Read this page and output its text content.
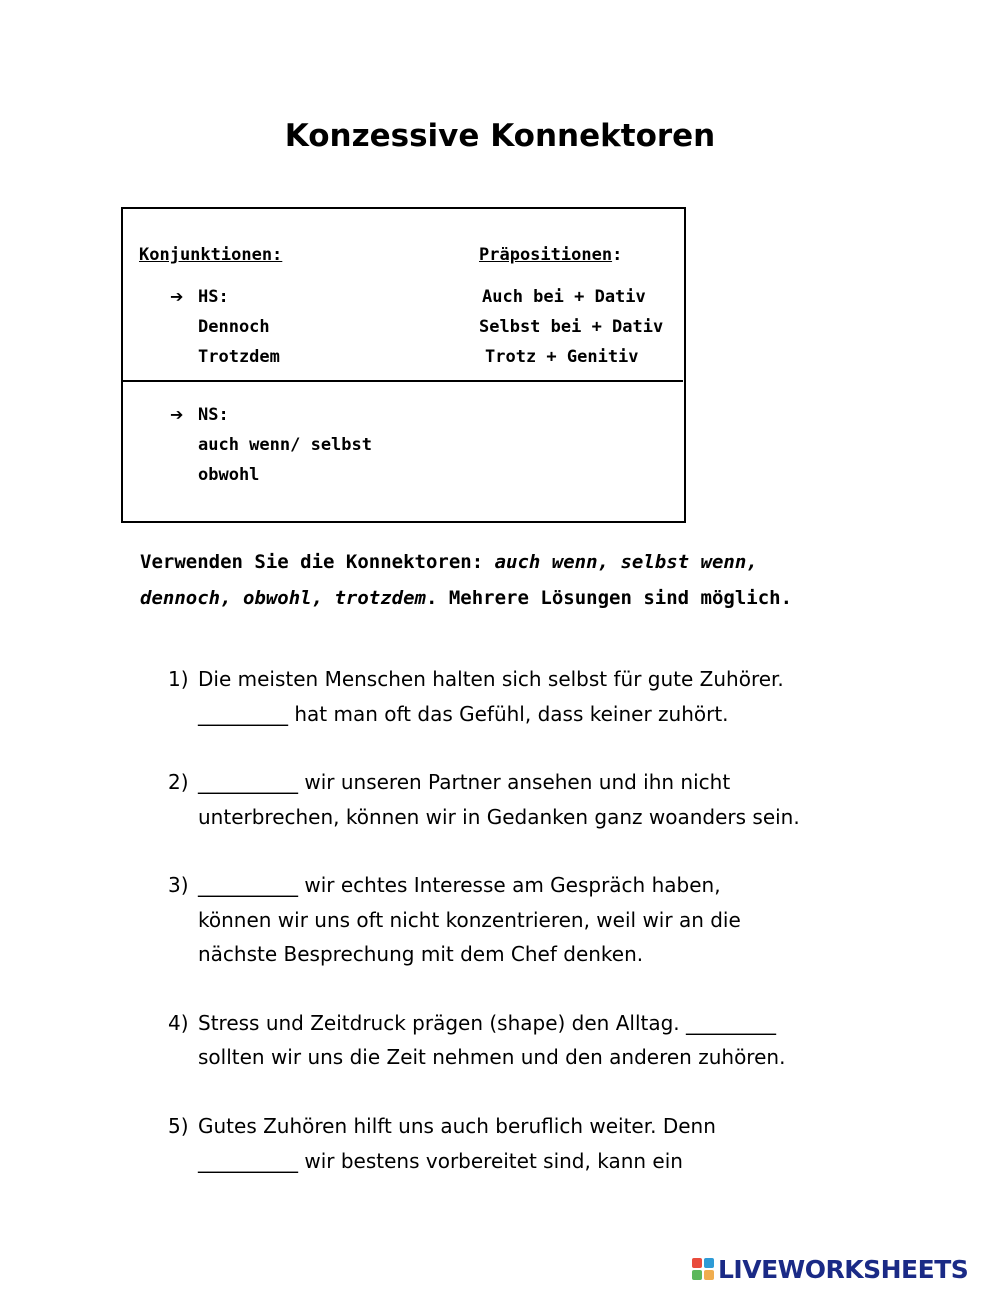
Konzessive Konnektoren
Konjunktionen:	Präpositionen:
➔ HS:
Dennoch
Trotzdem
Auch bei + Dativ
Selbst bei + Dativ
Trotz + Genitiv
➔ NS:
auch wenn/ selbst
obwohl
Verwenden Sie die Konnektoren: auch wenn, selbst wenn,
dennoch, obwohl, trotzdem. Mehrere Lösungen sind möglich.
1) Die meisten Menschen halten sich selbst für gute Zuhörer.
_________ hat man oft das Gefühl, dass keiner zuhört.
2) __________ wir unseren Partner ansehen und ihn nicht
unterbrechen, können wir in Gedanken ganz woanders sein.
3) __________ wir echtes Interesse am Gespräch haben,
können wir uns oft nicht konzentrieren, weil wir an die
nächste Besprechung mit dem Chef denken.
4) Stress und Zeitdruck prägen (shape) den Alltag. _________
sollten wir uns die Zeit nehmen und den anderen zuhören.
5) Gutes Zuhören hilft uns auch beruflich weiter. Denn
__________ wir bestens vorbereitet sind, kann ein
LIVEWORKSHEETS
